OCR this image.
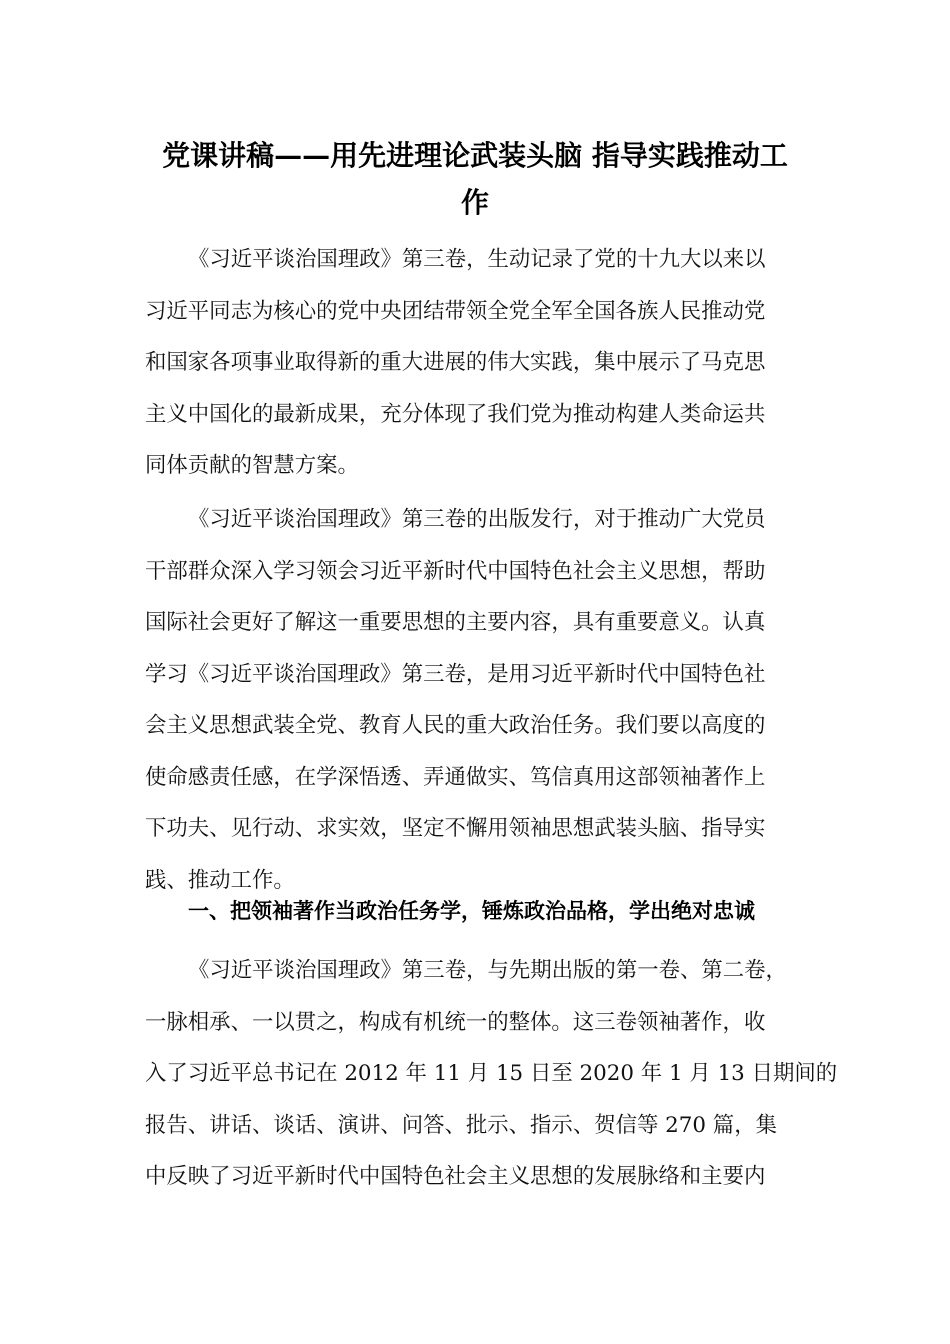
党课讲稿——用先进理论武装头脑 指导实践推动工
作
《习近平谈治国理政》第三卷，生动记录了党的十九大以来以
习近平同志为核心的党中央团结带领全党全军全国各族人民推动党
和国家各项事业取得新的重大进展的伟大实践，集中展示了马克思
主义中国化的最新成果，充分体现了我们党为推动构建人类命运共
同体贡献的智慧方案。
《习近平谈治国理政》第三卷的出版发行，对于推动广大党员
干部群众深入学习领会习近平新时代中国特色社会主义思想，帮助
国际社会更好了解这一重要思想的主要内容，具有重要意义。认真
学习《习近平谈治国理政》第三卷，是用习近平新时代中国特色社
会主义思想武装全党、教育人民的重大政治任务。我们要以高度的
使命感责任感，在学深悟透、弄通做实、笃信真用这部领袖著作上
下功夫、见行动、求实效，坚定不懈用领袖思想武装头脑、指导实
践、推动工作。
一、把领袖著作当政治任务学，锤炼政治品格，学出绝对忠诚
《习近平谈治国理政》第三卷，与先期出版的第一卷、第二卷，
一脉相承、一以贯之，构成有机统一的整体。这三卷领袖著作，收
入了习近平总书记在 2012 年 11 月 15 日至 2020 年 1 月 13 日期间的
报告、讲话、谈话、演讲、问答、批示、指示、贺信等 270 篇，集
中反映了习近平新时代中国特色社会主义思想的发展脉络和主要内
